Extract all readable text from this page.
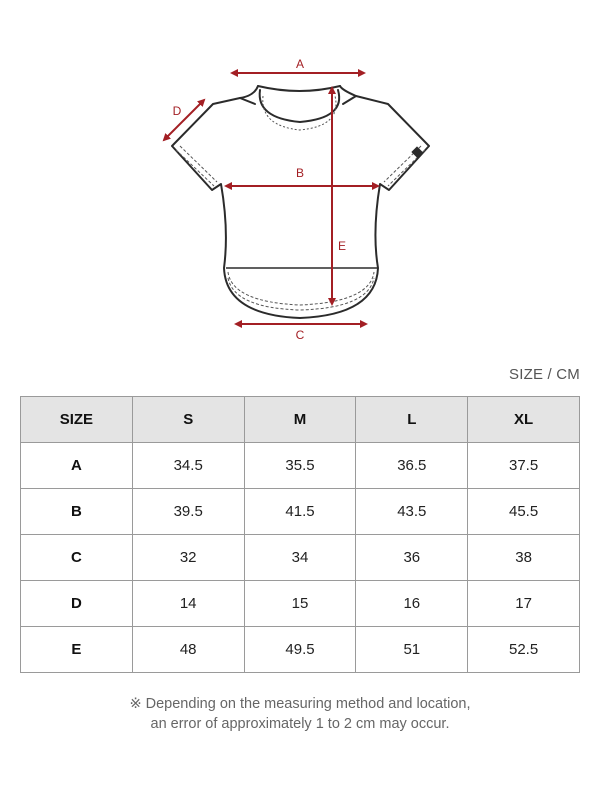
A
B
C
D
E
SIZE / CM
SIZE	S	M	L	XL
A	34.5	35.5	36.5	37.5
B	39.5	41.5	43.5	45.5
C	32	34	36	38
D	14	15	16	17
E	48	49.5	51	52.5
※ Depending on the measuring method and location,
an error of approximately 1 to 2 cm may occur.
